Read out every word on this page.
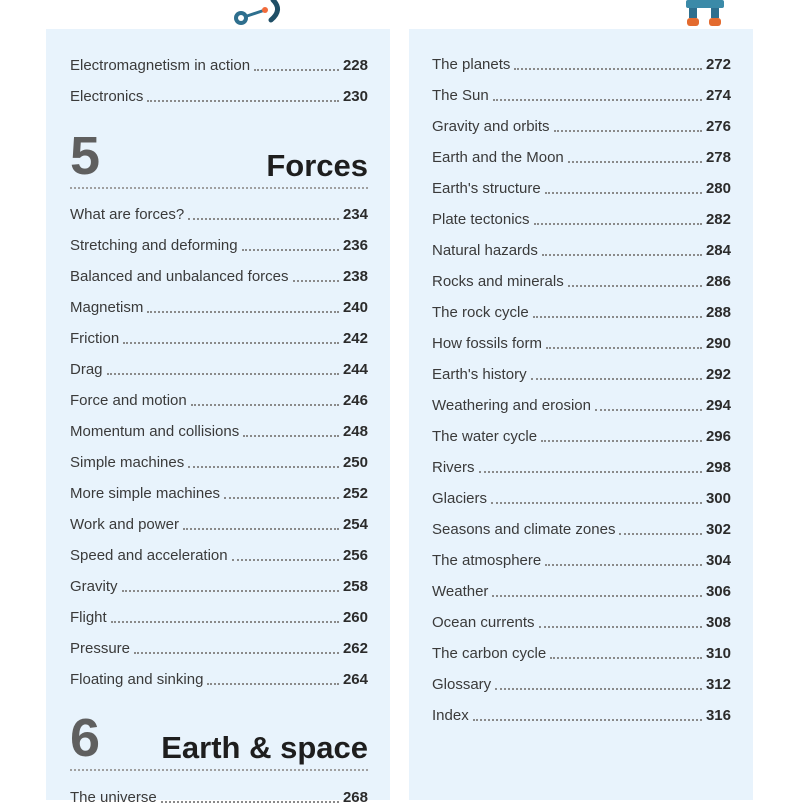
Electromagnetism in action	228
Electronics	230
5	Forces
What are forces?	234
Stretching and deforming	236
Balanced and unbalanced forces	238
Magnetism	240
Friction	242
Drag	244
Force and motion	246
Momentum and collisions	248
Simple machines	250
More simple machines	252
Work and power	254
Speed and acceleration	256
Gravity	258
Flight	260
Pressure	262
Floating and sinking	264
6 Earth & space
The universe	268
The planets	272
The Sun	274
Gravity and orbits	276
Earth and the Moon	278
Earth's structure	280
Plate tectonics	282
Natural hazards	284
Rocks and minerals	286
The rock cycle	288
How fossils form	290
Earth's history	292
Weathering and erosion	294
The water cycle	296
Rivers	298
Glaciers	300
Seasons and climate zones	302
The atmosphere	304
Weather	306
Ocean currents	308
The carbon cycle	310
Glossary	312
Index	316
